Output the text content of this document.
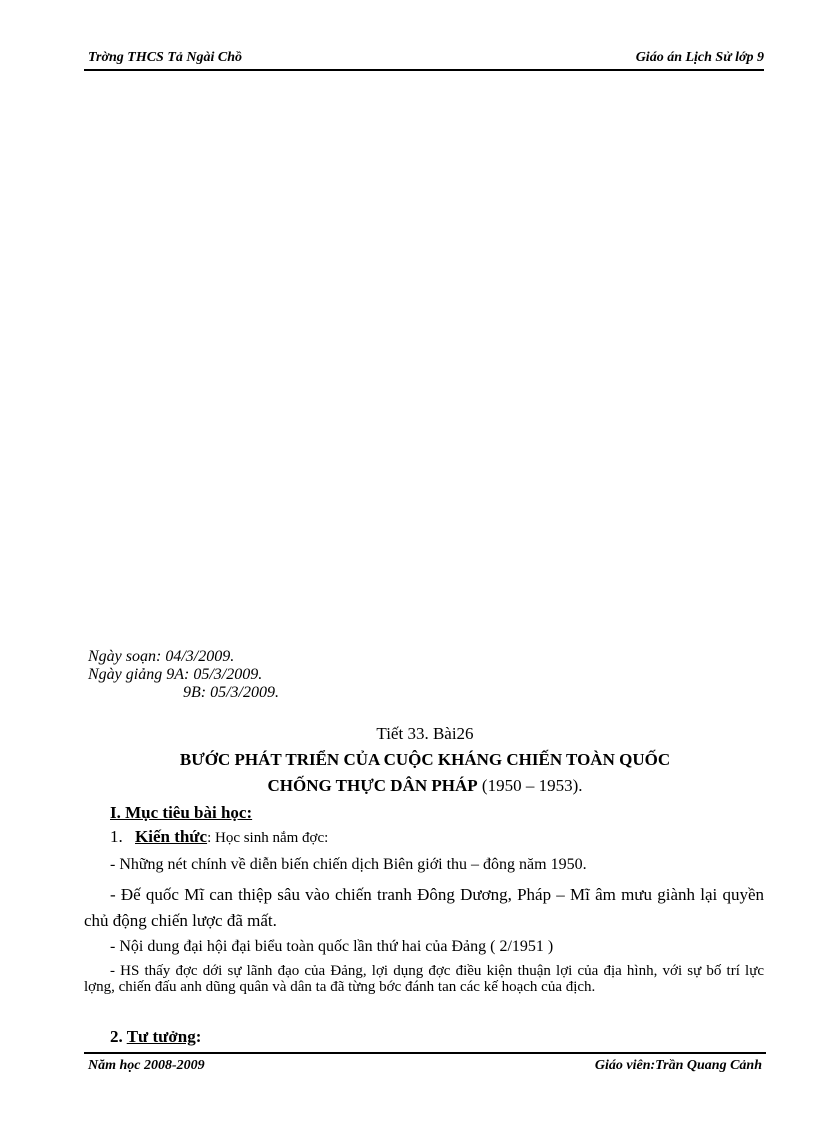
Trờng THCS Tả Ngài Chồ	Giáo án Lịch Sử lớp 9
Ngày soạn: 04/3/2009.
Ngày giảng 9A: 05/3/2009.
9B: 05/3/2009.
Tiết 33. Bài26
BƯỚC PHÁT TRIỂN CỦA CUỘC KHÁNG CHIẾN TOÀN QUỐC
CHỐNG THỰC DÂN PHÁP (1950 – 1953).
I. Mục tiêu bài học:
1. Kiến thức: Học sinh nắm đợc:
- Những nét chính về diễn biến chiến dịch Biên giới thu – đông năm 1950.
- Đế quốc Mĩ can thiệp sâu vào chiến tranh Đông Dương, Pháp – Mĩ âm mưu giành lại quyền chủ động chiến lược đã mất.
- Nội dung đại hội đại biểu toàn quốc lần thứ hai của Đảng ( 2/1951 )
- HS thấy đợc dới sự lãnh đạo của Đảng, lợi dụng đợc điều kiện thuận lợi của địa hình, với sự bố trí lực lợng, chiến đấu anh dũng quân và dân ta đã từng bớc đánh tan các kế hoạch của địch.
2. Tư tưởng:
Năm học 2008-2009	Giáo viên:Trần Quang Cảnh
